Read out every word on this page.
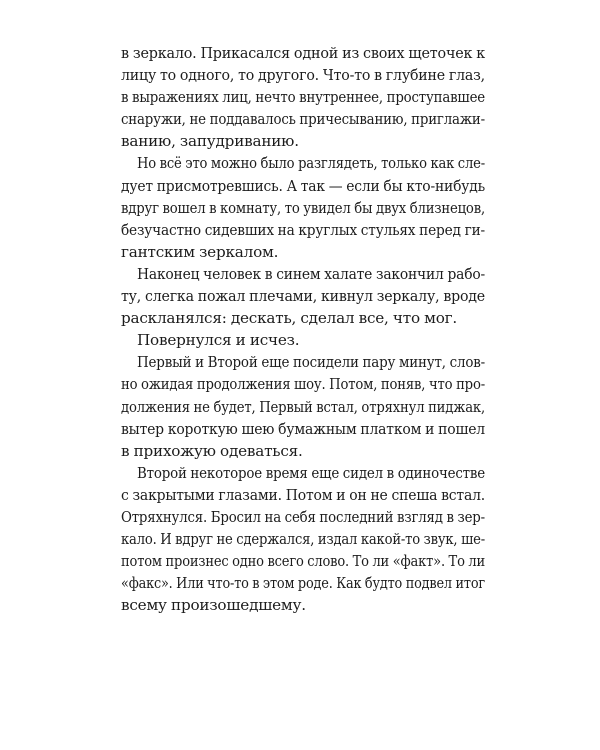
в зеркало. Прикасался одной из своих щеточек к
лицу то одного, то другого. Что-то в глубине глаз,
в выражениях лиц, нечто внутреннее, проступавшее
снаружи, не поддавалось причесыванию, приглажи-
ванию, запудриванию.
Но всё это можно было разглядеть, только как сле-
дует присмотревшись. А так — если бы кто-нибудь
вдруг вошел в комнату, то увидел бы двух близнецов,
безучастно сидевших на круглых стульях перед ги-
гантским зеркалом.
Наконец человек в синем халате закончил рабо-
ту, слегка пожал плечами, кивнул зеркалу, вроде
раскланялся: дескать, сделал все, что мог.
Повернулся и исчез.
Первый и Второй еще посидели пару минут, слов-
но ожидая продолжения шоу. Потом, поняв, что про-
должения не будет, Первый встал, отряхнул пиджак,
вытер короткую шею бумажным платком и пошел
в прихожую одеваться.
Второй некоторое время еще сидел в одиночестве
с закрытыми глазами. Потом и он не спеша встал.
Отряхнулся. Бросил на себя последний взгляд в зер-
кало. И вдруг не сдержался, издал какой-то звук, ше-
потом произнес одно всего слово. То ли «факт». То ли
«факс». Или что-то в этом роде. Как будто подвел итог
всему произошедшему.
